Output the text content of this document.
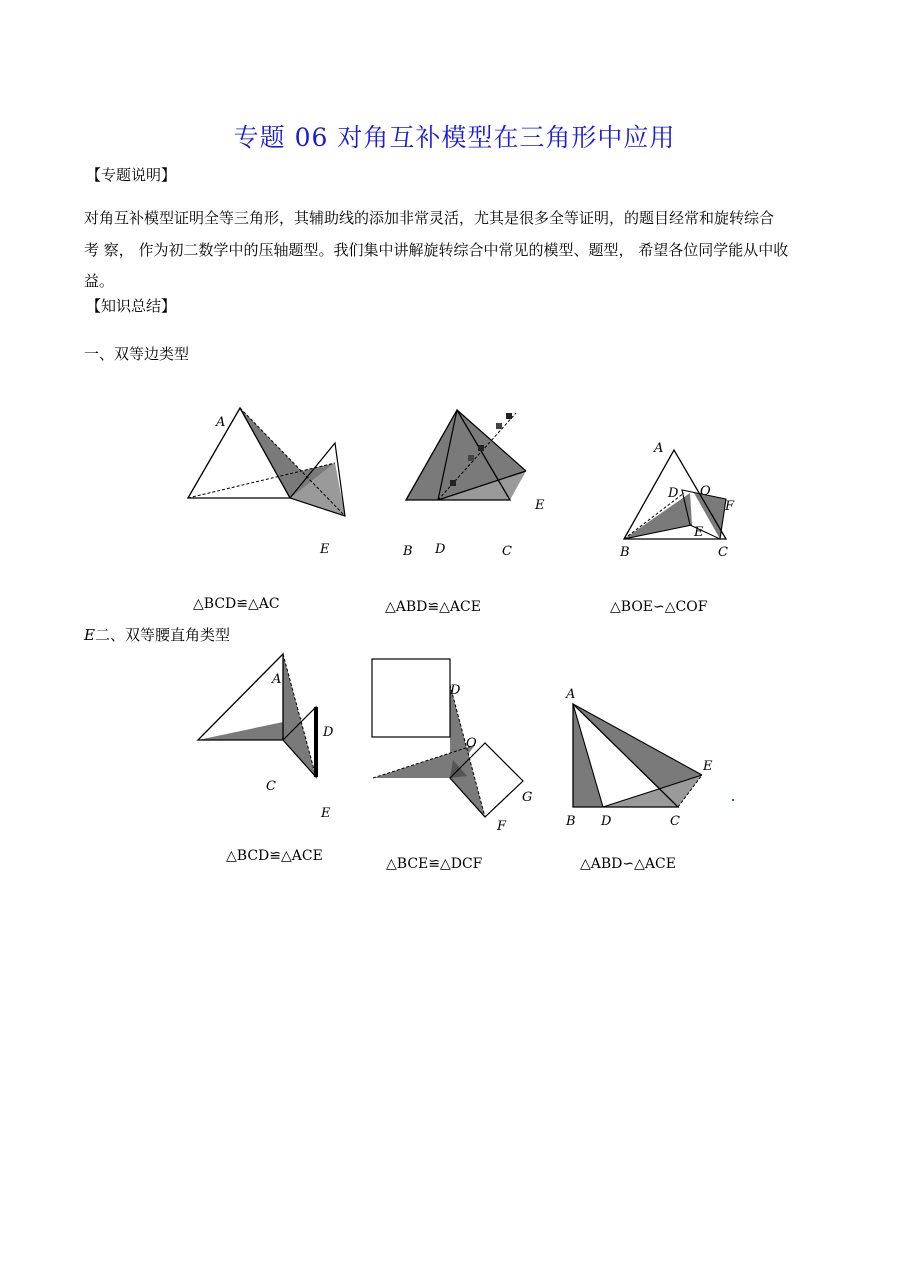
专题 06 对角互补模型在三角形中应用
【专题说明】
对角互补模型证明全等三角形，其辅助线的添加非常灵活，尤其是很多全等证明，的题目经常和旋转综合
考 察， 作为初二数学中的压轴题型。我们集中讲解旋转综合中常见的模型、题型， 希望各位同学能从中收
益。
【知识总结】
一、双等边类型
A
E	B D	C
E
A
D O
F
E
B	C
△BCD≌△AC	△ABD≌△ACE	△BOE∽△COF
E二、双等腰直角类型
A
D
C
E
D
O
G
F
A
E
B D	C
△BCD≌△ACE	△BCE≌△DCF	△ABD∽△ACE
